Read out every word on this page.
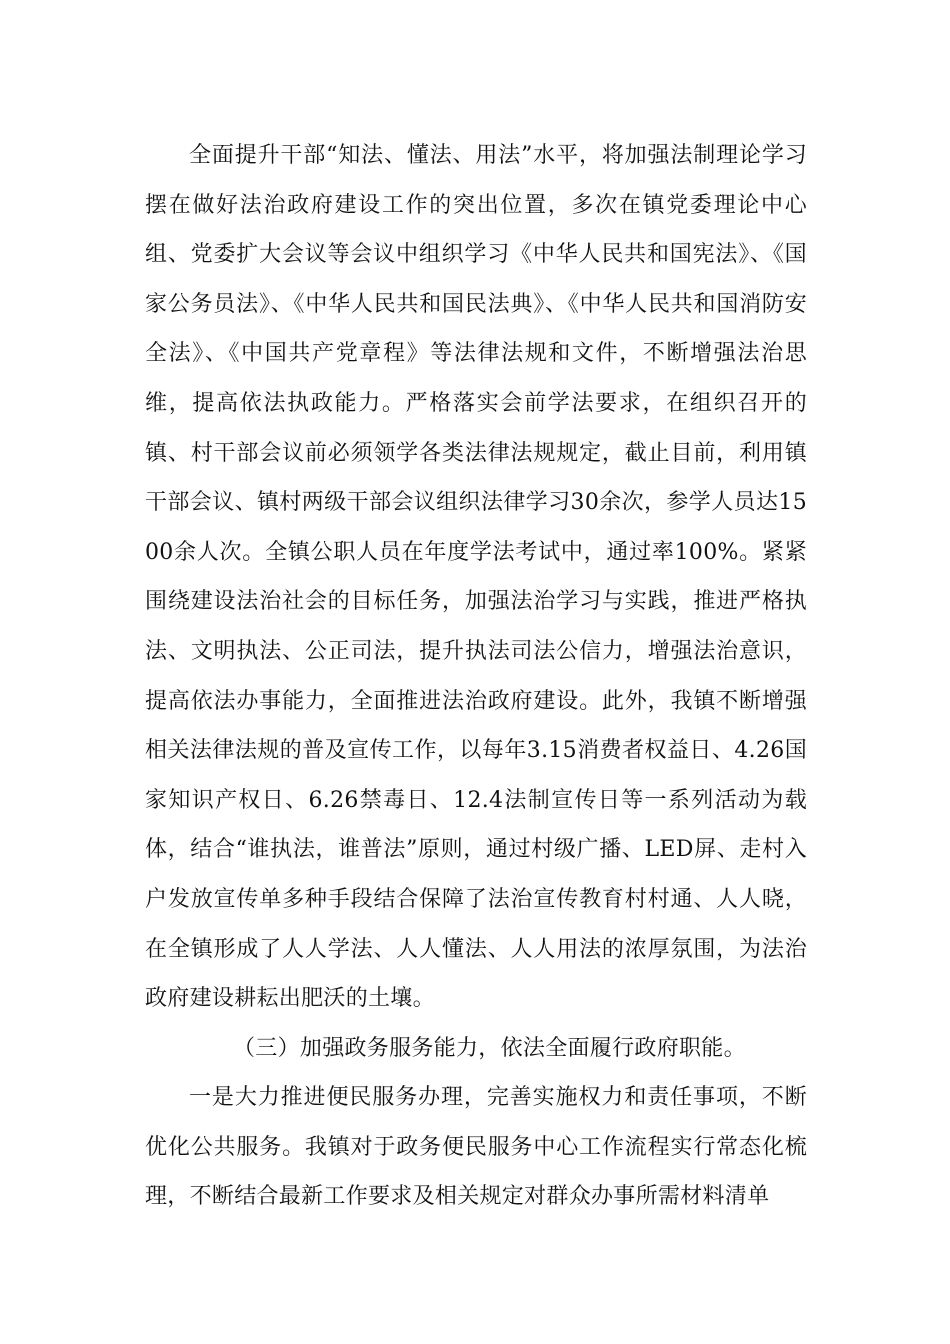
全面提升干部“知法、懂法、用法”水平，将加强法制理论学习摆在做好法治政府建设工作的突出位置，多次在镇党委理论中心组、党委扩大会议等会议中组织学习《中华人民共和国宪法》、《国家公务员法》、《中华人民共和国民法典》、《中华人民共和国消防安全法》、《中国共产党章程》等法律法规和文件，不断增强法治思维，提高依法执政能力。严格落实会前学法要求，在组织召开的镇、村干部会议前必须领学各类法律法规规定，截止目前，利用镇干部会议、镇村两级干部会议组织法律学习30余次，参学人员达1500余人次。全镇公职人员在年度学法考试中，通过率100%。紧紧围绕建设法治社会的目标任务，加强法治学习与实践，推进严格执法、文明执法、公正司法，提升执法司法公信力，增强法治意识，提高依法办事能力，全面推进法治政府建设。此外，我镇不断增强相关法律法规的普及宣传工作，以每年3.15消费者权益日、4.26国家知识产权日、6.26禁毒日、12.4法制宣传日等一系列活动为载体，结合“谁执法，谁普法”原则，通过村级广播、LED屏、走村入户发放宣传单多种手段结合保障了法治宣传教育村村通、人人晓，在全镇形成了人人学法、人人懂法、人人用法的浓厚氛围，为法治政府建设耕耘出肥沃的土壤。

（三）加强政务服务能力，依法全面履行政府职能。

一是大力推进便民服务办理，完善实施权力和责任事项，不断优化公共服务。我镇对于政务便民服务中心工作流程实行常态化梳理，不断结合最新工作要求及相关规定对群众办事所需材料清单
